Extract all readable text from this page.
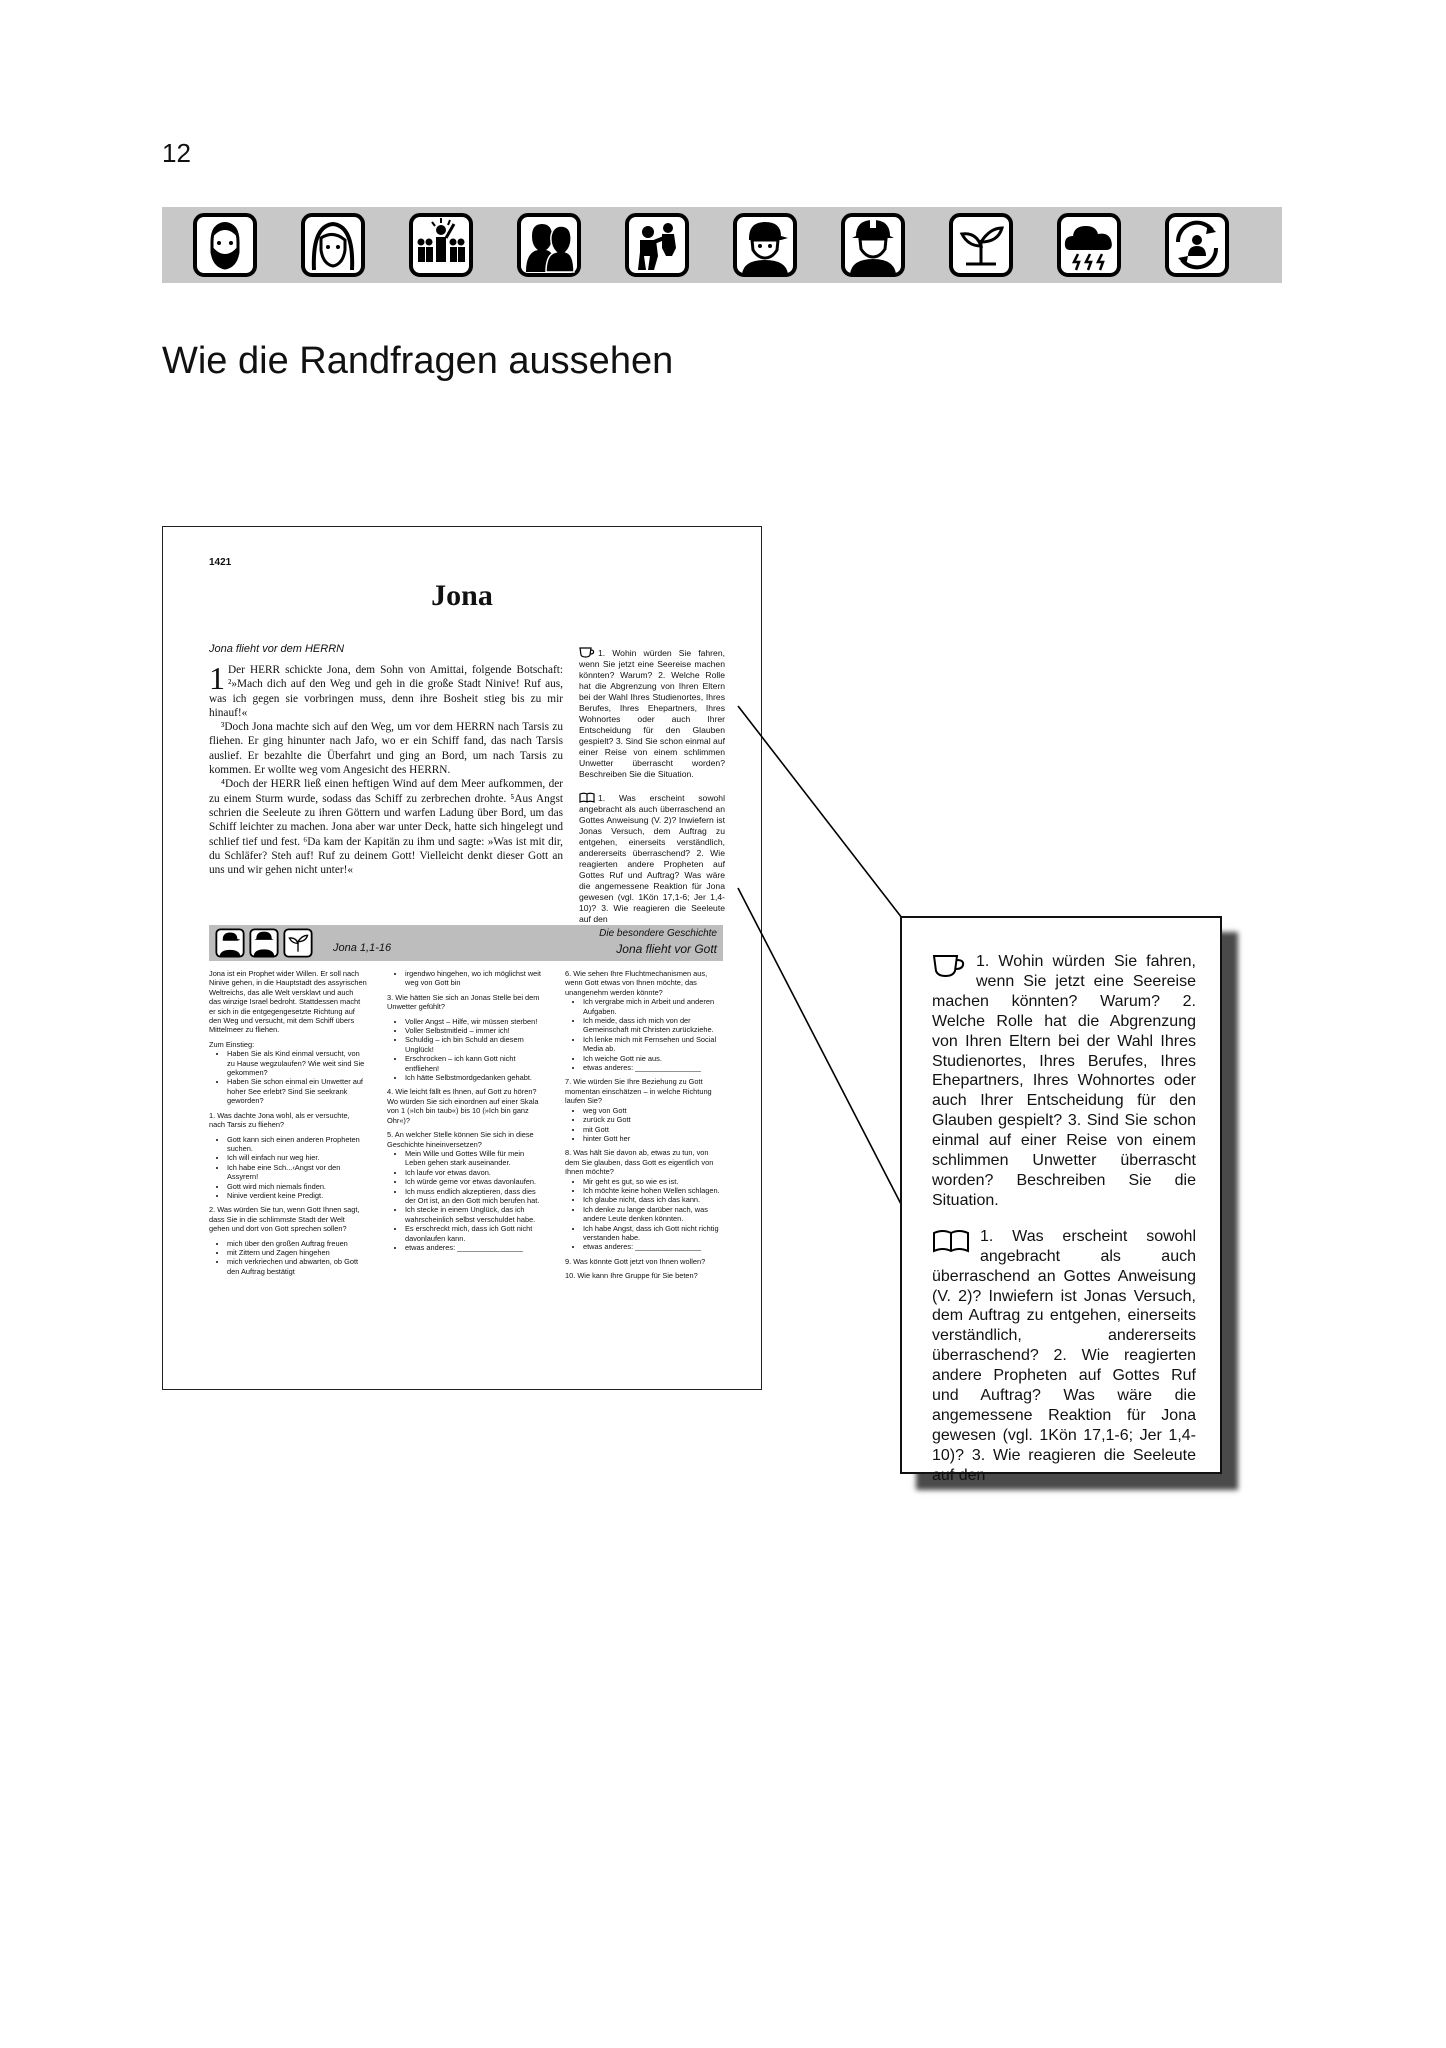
12
Wie die Randfragen aussehen
1421
Jona
Jona flieht vor dem HERRN

1 Der HERR schickte Jona, dem Sohn von Amittai, folgende Botschaft: ²»Mach dich auf den Weg und geh in die große Stadt Ninive! Ruf aus, was ich gegen sie vorbringen muss, denn ihre Bosheit stieg bis zu mir hinauf!«

³Doch Jona machte sich auf den Weg, um vor dem HERRN nach Tarsis zu fliehen. Er ging hinunter nach Jafo, wo er ein Schiff fand, das nach Tarsis auslief. Er bezahlte die Überfahrt und ging an Bord, um nach Tarsis zu kommen. Er wollte weg vom Angesicht des HERRN.

⁴Doch der HERR ließ einen heftigen Wind auf dem Meer aufkommen, der zu einem Sturm wurde, sodass das Schiff zu zerbrechen drohte. ⁵Aus Angst schrien die Seeleute zu ihren Göttern und warfen Ladung über Bord, um das Schiff leichter zu machen. Jona aber war unter Deck, hatte sich hingelegt und schlief tief und fest. ⁶Da kam der Kapitän zu ihm und sagte: »Was ist mit dir, du Schläfer? Steh auf! Ruf zu deinem Gott! Vielleicht denkt dieser Gott an uns und wir gehen nicht unter!«

1. Wohin würden Sie fahren, wenn Sie jetzt eine Seereise machen könnten? Warum? 2. Welche Rolle hat die Abgrenzung von Ihren Eltern bei der Wahl Ihres Studienortes, Ihres Berufes, Ihres Ehepartners, Ihres Wohnortes oder auch Ihrer Entscheidung für den Glauben gespielt? 3. Sind Sie schon einmal auf einer Reise von einem schlimmen Unwetter überrascht worden? Beschreiben Sie die Situation.

1. Was erscheint sowohl angebracht als auch überraschend an Gottes Anweisung (V. 2)? Inwiefern ist Jonas Versuch, dem Auftrag zu entgehen, einerseits verständlich, andererseits überraschend? 2. Wie reagierten andere Propheten auf Gottes Ruf und Auftrag? Was wäre die angemessene Reaktion für Jona gewesen (vgl. 1Kön 17,1-6; Jer 1,4-10)? 3. Wie reagieren die Seeleute auf den

Jona 1,1-16
Die besondere Geschichte
Jona flieht vor Gott

Jona ist ein Prophet wider Willen. Er soll nach Ninive gehen, in die Hauptstadt des assyrischen Weltreichs, das alle Welt versklavt und auch das winzige Israel bedroht. Stattdessen macht er sich in die entgegengesetzte Richtung auf den Weg und versucht, mit dem Schiff übers Mittelmeer zu fliehen.

Zum Einstieg:

• Haben Sie als Kind einmal versucht, von zu Hause wegzulaufen? Wie weit sind Sie gekommen?
• Haben Sie schon einmal ein Unwetter auf hoher See erlebt? Sind Sie seekrank geworden?

1. Was dachte Jona wohl, als er versuchte, nach Tarsis zu fliehen?

• Gott kann sich einen anderen Propheten suchen.
• Ich will einfach nur weg hier.
• Ich habe eine Sch...‹Angst vor den Assyrern!
• Gott wird mich niemals finden.
• Ninive verdient keine Predigt.

2. Was würden Sie tun, wenn Gott Ihnen sagt, dass Sie in die schlimmste Stadt der Welt gehen und dort von Gott sprechen sollen?

• mich über den großen Auftrag freuen
• mit Zittern und Zagen hingehen
• mich verkriechen und abwarten, ob Gott den Auftrag bestätigt
• irgendwo hingehen, wo ich möglichst weit weg von Gott bin

3. Wie hätten Sie sich an Jonas Stelle bei dem Unwetter gefühlt?

• Voller Angst – Hilfe, wir müssen sterben!
• Voller Selbstmitleid – immer ich!
• Schuldig – ich bin Schuld an diesem Unglück!
• Erschrocken – ich kann Gott nicht entfliehen!
• Ich hätte Selbstmordgedanken gehabt.

4. Wie leicht fällt es Ihnen, auf Gott zu hören? Wo würden Sie sich einordnen auf einer Skala von 1 (»Ich bin taub«) bis 10 (»Ich bin ganz Ohr«)?

5. An welcher Stelle können Sie sich in diese Geschichte hineinversetzen?

• Mein Wille und Gottes Wille für mein Leben gehen stark auseinander.
• Ich laufe vor etwas davon.
• Ich würde gerne vor etwas davonlaufen.
• Ich muss endlich akzeptieren, dass dies der Ort ist, an den Gott mich berufen hat.
• Ich stecke in einem Unglück, das ich wahrscheinlich selbst verschuldet habe.
• Es erschreckt mich, dass ich Gott nicht davonlaufen kann.
• etwas anderes: ________________

6. Wie sehen Ihre Fluchtmechanismen aus, wenn Gott etwas von Ihnen möchte, das unangenehm werden könnte?

• Ich vergrabe mich in Arbeit und anderen Aufgaben.
• Ich meide, dass ich mich von der Gemeinschaft mit Christen zurückziehe.
• Ich lenke mich mit Fernsehen und Social Media ab.
• Ich weiche Gott nie aus.
• etwas anderes: ________________

7. Wie würden Sie Ihre Beziehung zu Gott momentan einschätzen – in welche Richtung laufen Sie?

• weg von Gott
• zurück zu Gott
• mit Gott
• hinter Gott her

8. Was hält Sie davon ab, etwas zu tun, von dem Sie glauben, dass Gott es eigentlich von Ihnen möchte?

• Mir geht es gut, so wie es ist.
• Ich möchte keine hohen Wellen schlagen.
• Ich glaube nicht, dass ich das kann.
• Ich denke zu lange darüber nach, was andere Leute denken könnten.
• Ich habe Angst, dass ich Gott nicht richtig verstanden habe.
• etwas anderes: ________________

9. Was könnte Gott jetzt von Ihnen wollen?

10. Wie kann Ihre Gruppe für Sie beten?

1. Wohin würden Sie fahren, wenn Sie jetzt eine Seereise machen könnten? Warum? 2. Welche Rolle hat die Abgrenzung von Ihren Eltern bei der Wahl Ihres Studienortes, Ihres Berufes, Ihres Ehepartners, Ihres Wohnortes oder auch Ihrer Entscheidung für den Glauben gespielt? 3. Sind Sie schon einmal auf einer Reise von einem schlimmen Unwetter überrascht worden? Beschreiben Sie die Situation.

1. Was erscheint sowohl angebracht als auch überraschend an Gottes Anweisung (V. 2)? Inwiefern ist Jonas Versuch, dem Auftrag zu entgehen, einerseits verständlich, andererseits überraschend? 2. Wie reagierten andere Propheten auf Gottes Ruf und Auftrag? Was wäre die angemessene Reaktion für Jona gewesen (vgl. 1Kön 17,1-6; Jer 1,4-10)? 3. Wie reagieren die Seeleute auf den
